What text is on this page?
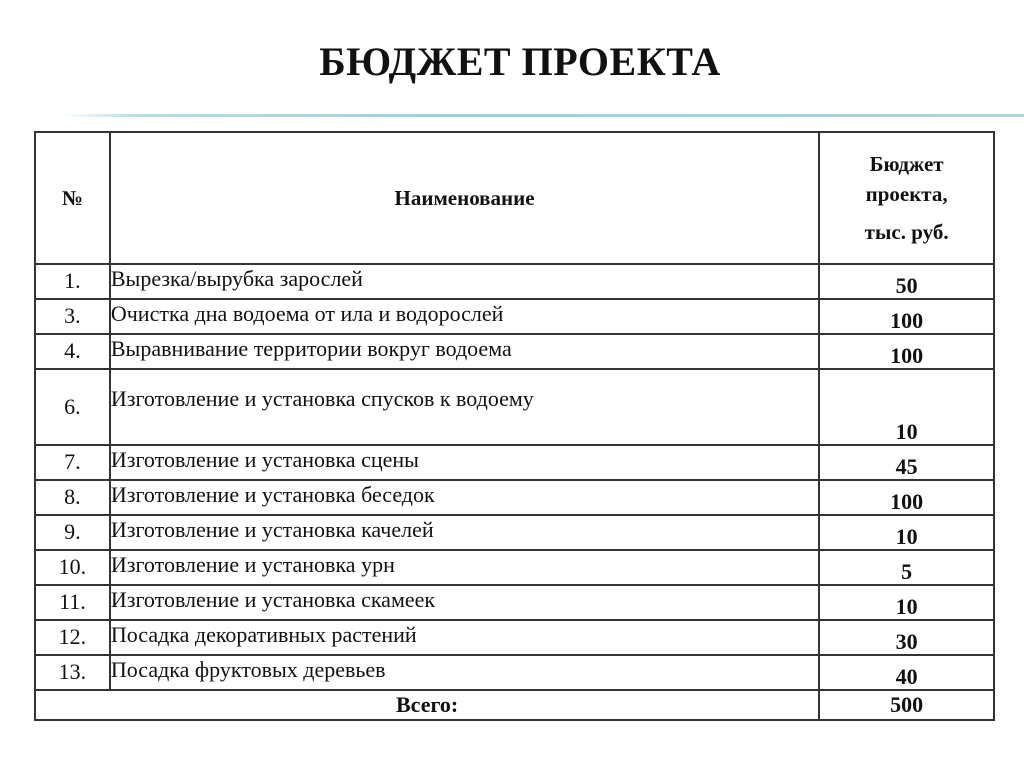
БЮДЖЕТ ПРОЕКТА
№	Наименование	Бюджет
проекта,
тыс. руб.

1.	Вырезка/вырубка зарослей	50
3.	Очистка дна водоема от ила и водорослей	100
4.	Выравнивание территории вокруг водоема	100
6.	Изготовление и установка спусков к водоему	10
7.	Изготовление и установка сцены	45
8.	Изготовление и установка беседок	100
9.	Изготовление и установка качелей	10
10.	Изготовление и установка урн	5
11.	Изготовление и установка скамеек	10
12.	Посадка декоративных растений	30
13.	Посадка фруктовых деревьев	40
Всего:		500
